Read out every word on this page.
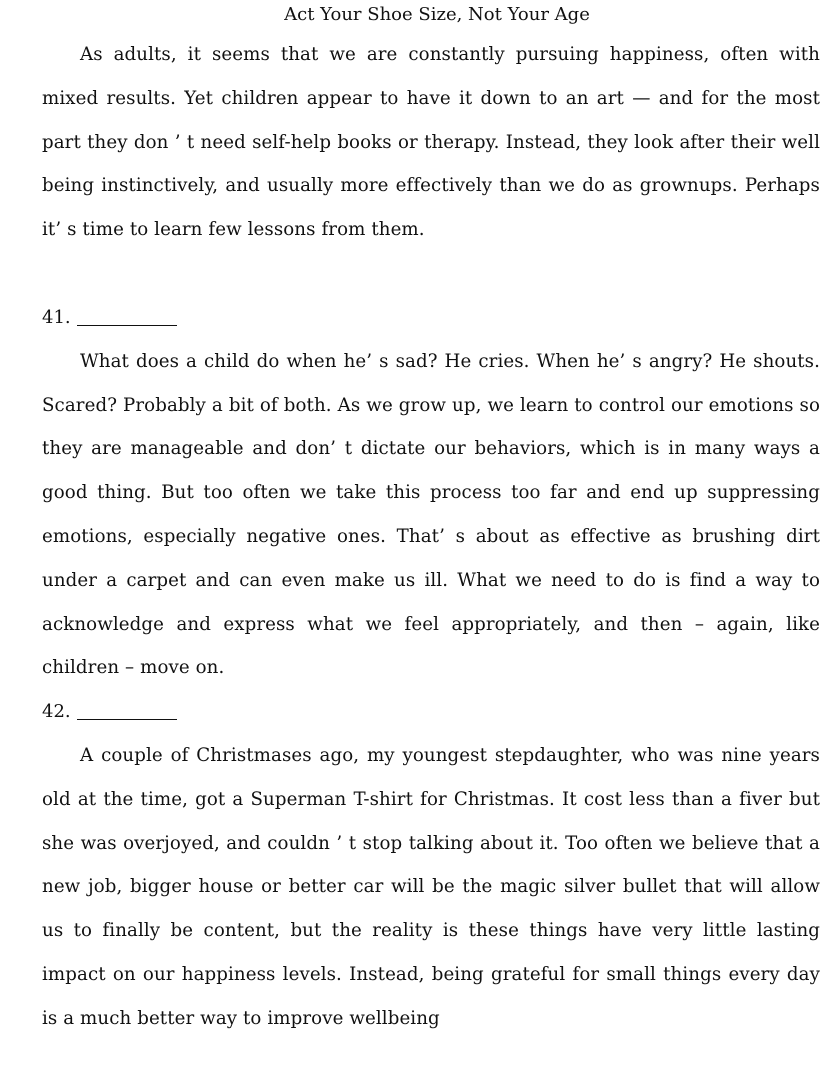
Act Your Shoe Size, Not Your Age

As adults, it seems that we are constantly pursuing happiness, often with mixed results. Yet children appear to have it down to an art — and for the most part they don ’ t need self-help books or therapy. Instead, they look after their well being instinctively, and usually more effectively than we do as grownups. Perhaps it’ s time to learn few lessons from them.

41.

What does a child do when he’ s sad? He cries. When he’ s angry? He shouts. Scared? Probably a bit of both. As we grow up, we learn to control our emotions so they are manageable and don’ t dictate our behaviors, which is in many ways a good thing. But too often we take this process too far and end up suppressing emotions, especially negative ones. That’ s about as effective as brushing dirt under a carpet and can even make us ill. What we need to do is find a way to acknowledge and express what we feel appropriately, and then – again, like children – move on.

42.

A couple of Christmases ago, my youngest stepdaughter, who was nine years old at the time, got a Superman T-shirt for Christmas. It cost less than a fiver but she was overjoyed, and couldn ’ t stop talking about it. Too often we believe that a new job, bigger house or better car will be the magic silver bullet that will allow us to finally be content, but the reality is these things have very little lasting impact on our happiness levels. Instead, being grateful for small things every day is a much better way to improve wellbeing
